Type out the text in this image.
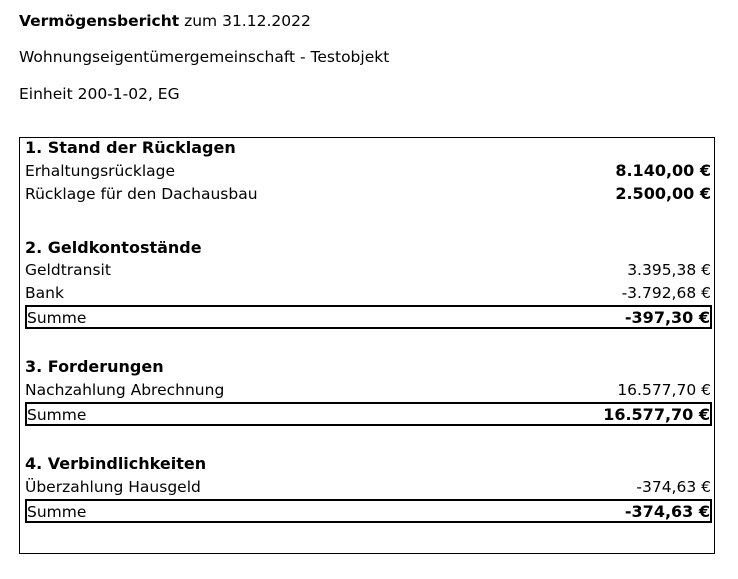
Vermögensbericht zum 31.12.2022
Wohnungseigentümergemeinschaft - Testobjekt
Einheit 200-1-02, EG
1. Stand der Rücklagen
Erhaltungsrücklage	8.140,00 €
Rücklage für den Dachausbau	2.500,00 €
2. Geldkontostände
Geldtransit	3.395,38 €
Bank	-3.792,68 €
Summe	-397,30 €
3. Forderungen
Nachzahlung Abrechnung	16.577,70 €
Summe	16.577,70 €
4. Verbindlichkeiten
Überzahlung Hausgeld	-374,63 €
Summe	-374,63 €
